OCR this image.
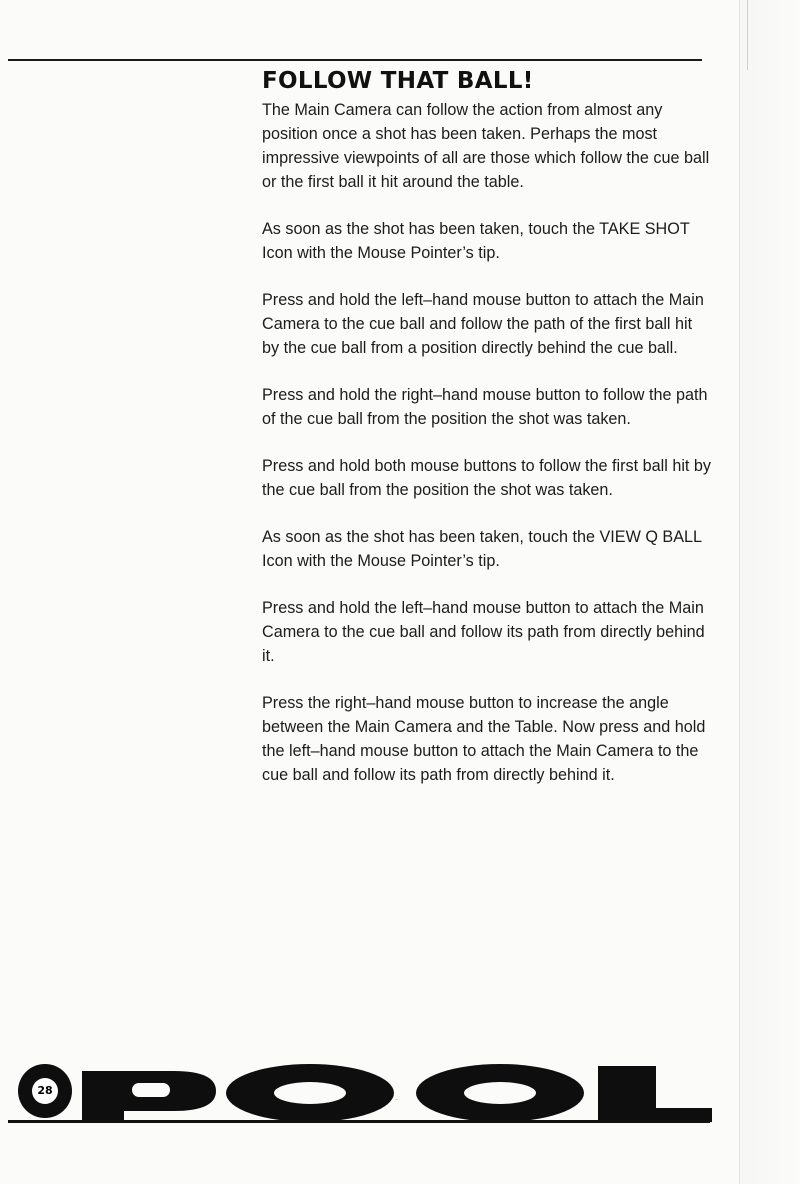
FOLLOW THAT BALL!

The Main Camera can follow the action from almost any position once a shot has been taken. Perhaps the most impressive viewpoints of all are those which follow the cue ball or the first ball it hit around the table.

As soon as the shot has been taken, touch the TAKE SHOT Icon with the Mouse Pointer’s tip.

Press and hold the left–hand mouse button to attach the Main Camera to the cue ball and follow the path of the first ball hit by the cue ball from a position directly behind the cue ball.

Press and hold the right–hand mouse button to follow the path of the cue ball from the position the shot was taken.

Press and hold both mouse buttons to follow the first ball hit by the cue ball from the position the shot was taken.

As soon as the shot has been taken, touch the VIEW Q BALL Icon with the Mouse Pointer’s tip.

Press and hold the left–hand mouse button to attach the Main Camera to the cue ball and follow its path from directly behind it.

Press the right–hand mouse button to increase the angle between the Main Camera and the Table. Now press and hold the left–hand mouse button to attach the Main Camera to the cue ball and follow its path from directly behind it.

POOL
28
